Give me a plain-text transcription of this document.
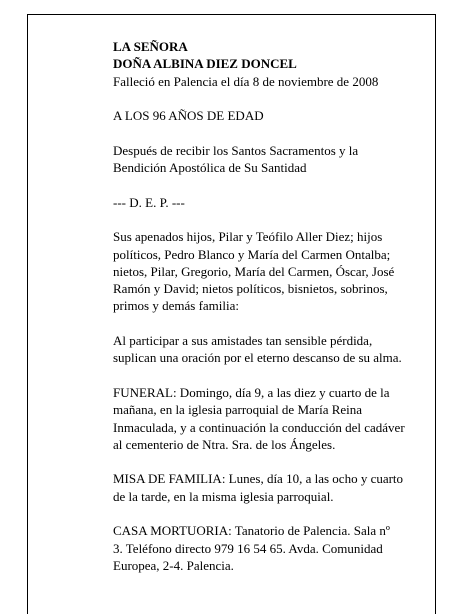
LA SEÑORA
DOÑA ALBINA DIEZ DONCEL
Falleció en Palencia el día 8 de noviembre de 2008
A LOS 96 AÑOS DE EDAD
Después de recibir los Santos Sacramentos y la
Bendición Apostólica de Su Santidad
--- D. E. P. ---
Sus apenados hijos, Pilar y Teófilo Aller Diez; hijos
políticos, Pedro Blanco y María del Carmen Ontalba;
nietos, Pilar, Gregorio, María del Carmen, Óscar, José
Ramón y David; nietos políticos, bisnietos, sobrinos,
primos y demás familia:
Al participar a sus amistades tan sensible pérdida,
suplican una oración por el eterno descanso de su alma.
FUNERAL: Domingo, día 9, a las diez y cuarto de la
mañana, en la iglesia parroquial de María Reina
Inmaculada, y a continuación la conducción del cadáver
al cementerio de Ntra. Sra. de los Ángeles.
MISA DE FAMILIA: Lunes, día 10, a las ocho y cuarto
de la tarde, en la misma iglesia parroquial.
CASA MORTUORIA: Tanatorio de Palencia. Sala nº
3. Teléfono directo 979 16 54 65. Avda. Comunidad
Europea, 2-4. Palencia.
